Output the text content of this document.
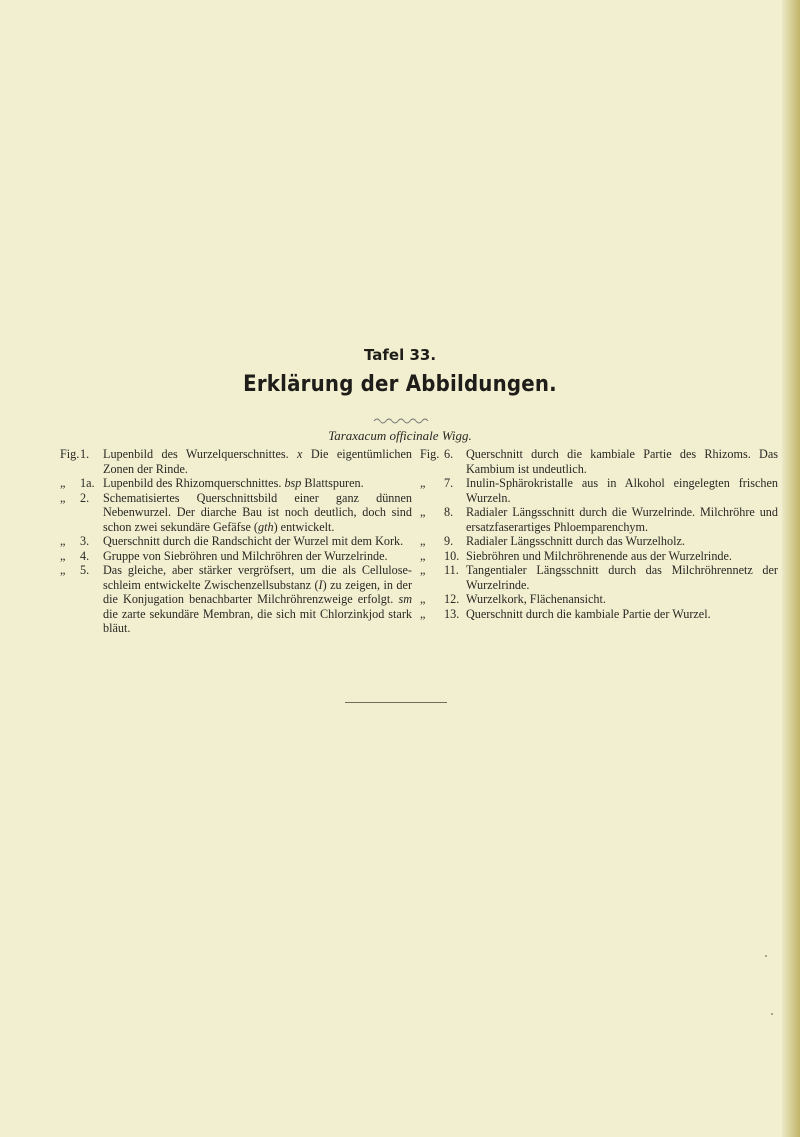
Tafel 33.
Erklärung der Abbildungen.
Taraxacum officinale Wigg.
Fig. 1.	Lupenbild des Wurzelquerschnittes. x Die eigentümlichen Zonen der Rinde.
„	1a. Lupenbild des Rhizomquerschnittes. bsp Blattspuren.
„	2.	Schematisiertes Querschnittsbild einer ganz dünnen Nebenwurzel. Der diarche Bau ist noch deutlich, doch sind schon zwei sekundäre Gefäfse (gth) entwickelt.
„	3.	Querschnitt durch die Randschicht der Wurzel mit dem Kork.
„	4.	Gruppe von Siebröhren und Milchröhren der Wurzelrinde.
„	5.	Das gleiche, aber stärker vergröfsert, um die als Cellulose-schleim entwickelte Zwischenzellsubstanz (I) zu zeigen, in der die Konjugation benachbarter Milchröhrenzweige erfolgt. sm die zarte sekundäre Membran, die sich mit Chlorzinkjod stark bläut.
Fig. 6.	Querschnitt durch die kambiale Partie des Rhizoms. Das Kambium ist undeutlich.
„	7.	Inulin-Sphärokristalle aus in Alkohol eingelegten frischen Wurzeln.
„	8.	Radialer Längsschnitt durch die Wurzelrinde. Milchröhre und ersatzfaserartiges Phloemparenchym.
„	9.	Radialer Längsschnitt durch das Wurzelholz.
„	10. Siebröhren und Milchröhrenende aus der Wurzelrinde.
„	11. Tangentialer Längsschnitt durch das Milchröhrennetz der Wurzelrinde.
„	12. Wurzelkork, Flächenansicht.
„	13. Querschnitt durch die kambiale Partie der Wurzel.
